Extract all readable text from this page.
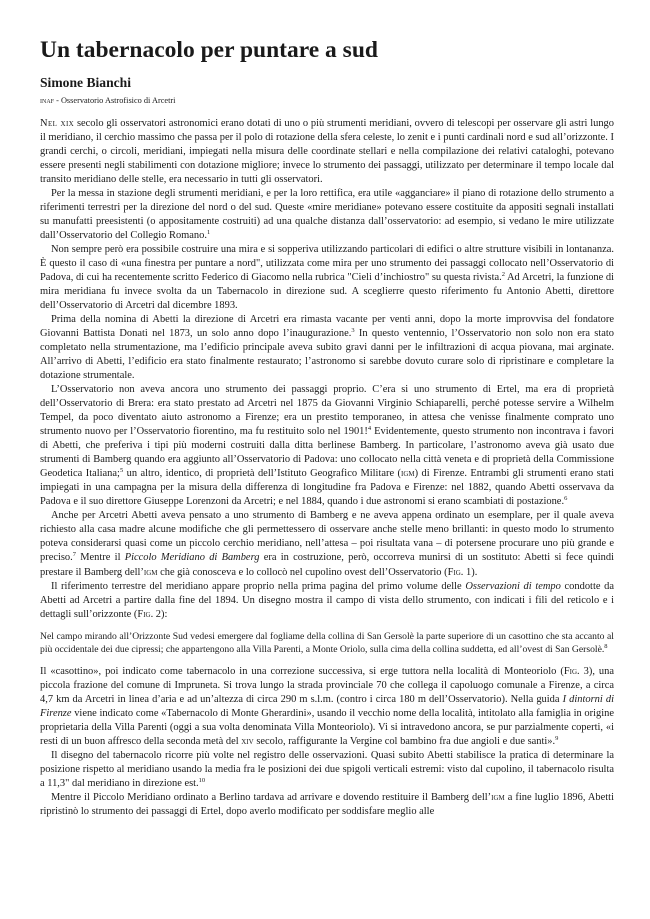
Un tabernacolo per puntare a sud

Simone Bianchi

inaf - Osservatorio Astrofisico di Arcetri

Nel xix secolo gli osservatori astronomici erano dotati di uno o più strumenti meridiani, ovvero di telescopi per osservare gli astri lungo il meridiano, il cerchio massimo che passa per il polo di rotazione della sfera celeste, lo zenit e i punti cardinali nord e sud all’orizzonte. I grandi cerchi, o circoli, meridiani, impiegati nella misura delle coordinate stellari e nella compilazione dei relativi cataloghi, potevano essere presenti negli stabilimenti con dotazione migliore; invece lo strumento dei passaggi, utilizzato per determinare il tempo locale dal transito meridiano delle stelle, era necessario in tutti gli osservatori.

Per la messa in stazione degli strumenti meridiani, e per la loro rettifica, era utile «agganciare» il piano di rotazione dello strumento a riferimenti terrestri per la direzione del nord o del sud. Queste «mire meridiane» potevano essere costituite da appositi segnali installati su manufatti preesistenti (o appositamente costruiti) ad una qualche distanza dall’osservatorio: ad esempio, si vedano le mire utilizzate dall’Osservatorio del Collegio Romano.$^1$

Non sempre però era possibile costruire una mira e si sopperiva utilizzando particolari di edifici o altre strutture visibili in lontananza. È questo il caso di «una finestra per puntare a nord", utilizzata come mira per uno strumento dei passaggi collocato nell’Osservatorio di Padova, di cui ha recentemente scritto Federico di Giacomo nella rubrica "Cieli d’inchiostro" su questa rivista.$^2$ Ad Arcetri, la funzione di mira meridiana fu invece svolta da un Tabernacolo in direzione sud. A sceglierre questo riferimento fu Antonio Abetti, direttore dell’Osservatorio di Arcetri dal dicembre 1893.

Prima della nomina di Abetti la direzione di Arcetri era rimasta vacante per venti anni, dopo la morte improvvisa del fondatore Giovanni Battista Donati nel 1873, un solo anno dopo l’inaugurazione.$^3$ In questo ventennio, l’Osservatorio non solo non era stato completato nella strumentazione, ma l’edificio principale aveva subito gravi danni per le infiltrazioni di acqua piovana, mai arginate. All’arrivo di Abetti, l’edificio era stato finalmente restaurato; l’astronomo si sarebbe dovuto curare solo di ripristinare e completare la dotazione strumentale.

L’Osservatorio non aveva ancora uno strumento dei passaggi proprio. C’era si uno strumento di Ertel, ma era di proprietà dell’Osservatorio di Brera: era stato prestato ad Arcetri nel 1875 da Giovanni Virginio Schiaparelli, perché potesse servire a Wilhelm Tempel, da poco diventato aiuto astronomo a Firenze; era un prestito temporaneo, in attesa che venisse finalmente comprato uno strumento nuovo per l’Osservatorio fiorentino, ma fu restituito solo nel 1901!$^4$ Evidentemente, questo strumento non incontrava i favori di Abetti, che preferiva i tipi più moderni costruiti dalla ditta berlinese Bamberg. In particolare, l’astronomo aveva già usato due strumenti di Bamberg quando era aggiunto all’Osservatorio di Padova: uno collocato nella città veneta e di proprietà della Commissione Geodetica Italiana;$^5$ un altro, identico, di proprietà dell’Istituto Geografico Militare (igm) di Firenze. Entrambi gli strumenti erano stati impiegati in una campagna per la misura della differenza di longitudine fra Padova e Firenze: nel 1882, quando Abetti osservava da Padova e il suo direttore Giuseppe Lorenzoni da Arcetri; e nel 1884, quando i due astronomi si erano scambiati di postazione.$^6$

Anche per Arcetri Abetti aveva pensato a uno strumento di Bamberg e ne aveva appena ordinato un esemplare, per il quale aveva richiesto alla casa madre alcune modifiche che gli permettessero di osservare anche stelle meno brillanti: in questo modo lo strumento poteva considerarsi quasi come un piccolo cerchio meridiano, nell’attesa – poi risultata vana – di potersene procurare uno più grande e preciso.$^7$ Mentre il Piccolo Meridiano di Bamberg era in costruzione, però, occorreva munirsi di un sostituto: Abetti si fece quindi prestare il Bamberg dell’igm che già conosceva e lo collocò nel cupolino ovest dell’Osservatorio (Fig. 1).

Il riferimento terrestre del meridiano appare proprio nella prima pagina del primo volume delle Osservazioni di tempo condotte da Abetti ad Arcetri a partire dalla fine del 1894. Un disegno mostra il campo di vista dello strumento, con indicati i fili del reticolo e i dettagli sull’orizzonte (Fig. 2):

Nel campo mirando all’Orizzonte Sud vedesi emergere dal fogliame della collina di San Gersolè la parte superiore di un casottino che sta accanto al più occidentale dei due cipressi; che appartengono alla Villa Parenti, a Monte Oriolo, sulla cima della collina suddetta, ed all’ovest di San Gersolè.$^8$

Il «casottino», poi indicato come tabernacolo in una correzione successiva, si erge tuttora nella località di Monteoriolo (Fig. 3), una piccola frazione del comune di Impruneta. Si trova lungo la strada provinciale 70 che collega il capoluogo comunale a Firenze, a circa 4,7 km da Arcetri in linea d’aria e ad un’altezza di circa 290 m s.l.m. (contro i circa 180 m dell’Osservatorio). Nella guida I dintorni di Firenze viene indicato come «Tabernacolo di Monte Gherardini», usando il vecchio nome della località, intitolato alla famiglia in origine proprietaria della Villa Parenti (oggi a sua volta denominata Villa Monteoriolo). Vi si intravedono ancora, se pur parzialmente coperti, «i resti di un buon affresco della seconda metà del xiv secolo, raffigurante la Vergine col bambino fra due angioli e due santi».$^9$

Il disegno del tabernacolo ricorre più volte nel registro delle osservazioni. Quasi subito Abetti stabilisce la pratica di determinare la posizione rispetto al meridiano usando la media fra le posizioni dei due spigoli verticali estremi: visto dal cupolino, il tabernacolo risulta a 11,3" dal meridiano in direzione est.$^{10}$

Mentre il Piccolo Meridiano ordinato a Berlino tardava ad arrivare e dovendo restituire il Bamberg dell’igm a fine luglio 1896, Abetti ripristinò lo strumento dei passaggi di Ertel, dopo averlo modificato per soddisfare meglio alle
